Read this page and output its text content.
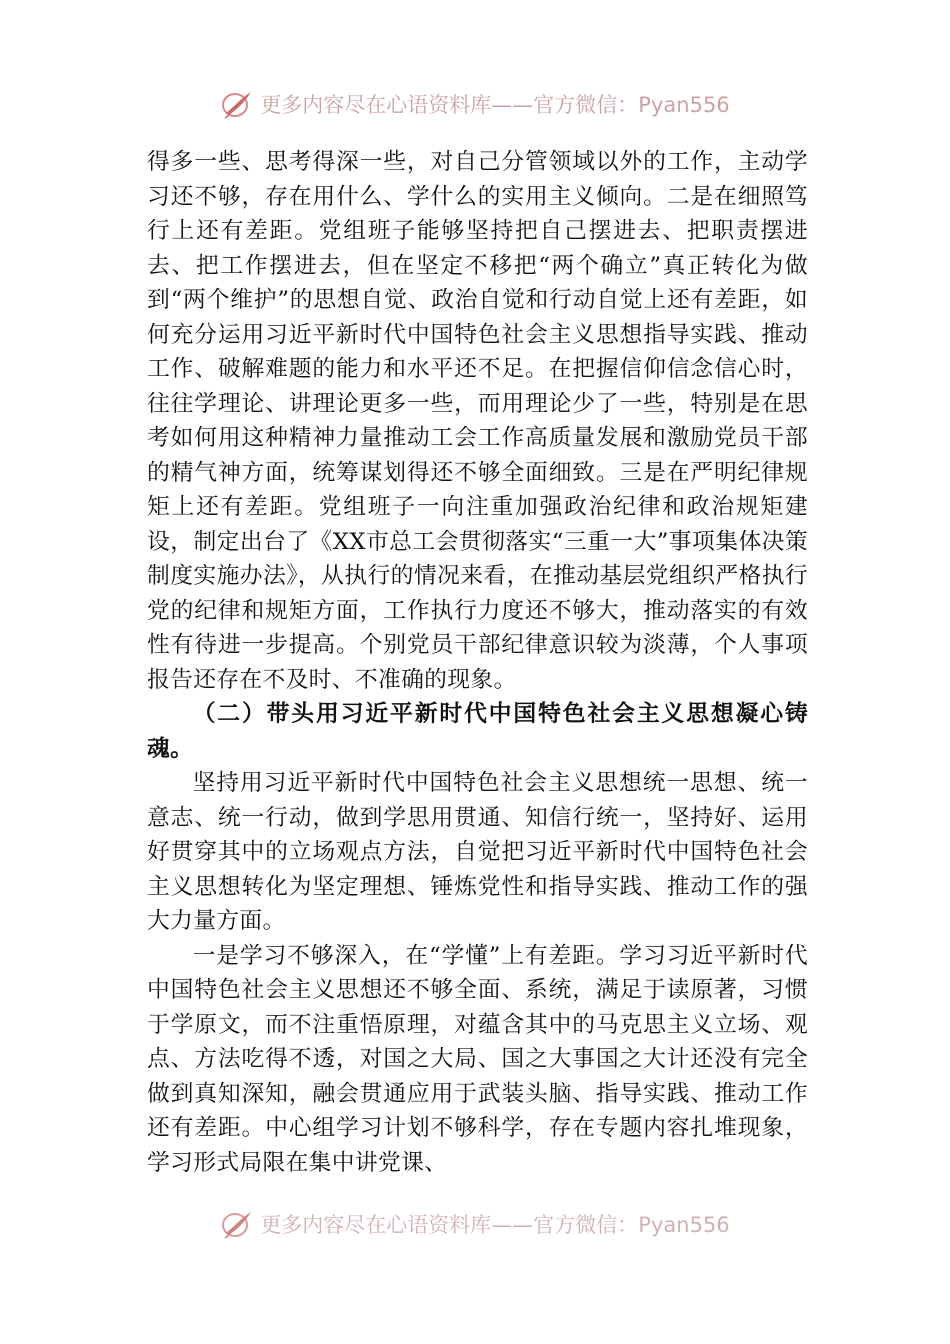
更多内容尽在心语资料库——官方微信：Pyan556

得多一些、思考得深一些，对自己分管领域以外的工作，主动学习还不够，存在用什么、学什么的实用主义倾向。二是在细照笃行上还有差距。党组班子能够坚持把自己摆进去、把职责摆进去、把工作摆进去，但在坚定不移把“两个确立”真正转化为做到“两个维护”的思想自觉、政治自觉和行动自觉上还有差距，如何充分运用习近平新时代中国特色社会主义思想指导实践、推动工作、破解难题的能力和水平还不足。在把握信仰信念信心时，往往学理论、讲理论更多一些，而用理论少了一些，特别是在思考如何用这种精神力量推动工会工作高质量发展和激励党员干部的精气神方面，统筹谋划得还不够全面细致。三是在严明纪律规矩上还有差距。党组班子一向注重加强政治纪律和政治规矩建设，制定出台了《XX市总工会贯彻落实“三重一大”事项集体决策制度实施办法》，从执行的情况来看，在推动基层党组织严格执行党的纪律和规矩方面，工作执行力度还不够大，推动落实的有效性有待进一步提高。个别党员干部纪律意识较为淡薄，个人事项报告还存在不及时、不准确的现象。

（二）带头用习近平新时代中国特色社会主义思想凝心铸魂。

坚持用习近平新时代中国特色社会主义思想统一思想、统一意志、统一行动，做到学思用贯通、知信行统一，坚持好、运用好贯穿其中的立场观点方法，自觉把习近平新时代中国特色社会主义思想转化为坚定理想、锤炼党性和指导实践、推动工作的强大力量方面。

一是学习不够深入，在“学懂”上有差距。学习习近平新时代中国特色社会主义思想还不够全面、系统，满足于读原著，习惯于学原文，而不注重悟原理，对蕴含其中的马克思主义立场、观点、方法吃得不透，对国之大局、国之大事国之大计还没有完全做到真知深知，融会贯通应用于武装头脑、指导实践、推动工作还有差距。中心组学习计划不够科学，存在专题内容扎堆现象，学习形式局限在集中讲党课、

更多内容尽在心语资料库——官方微信：Pyan556
